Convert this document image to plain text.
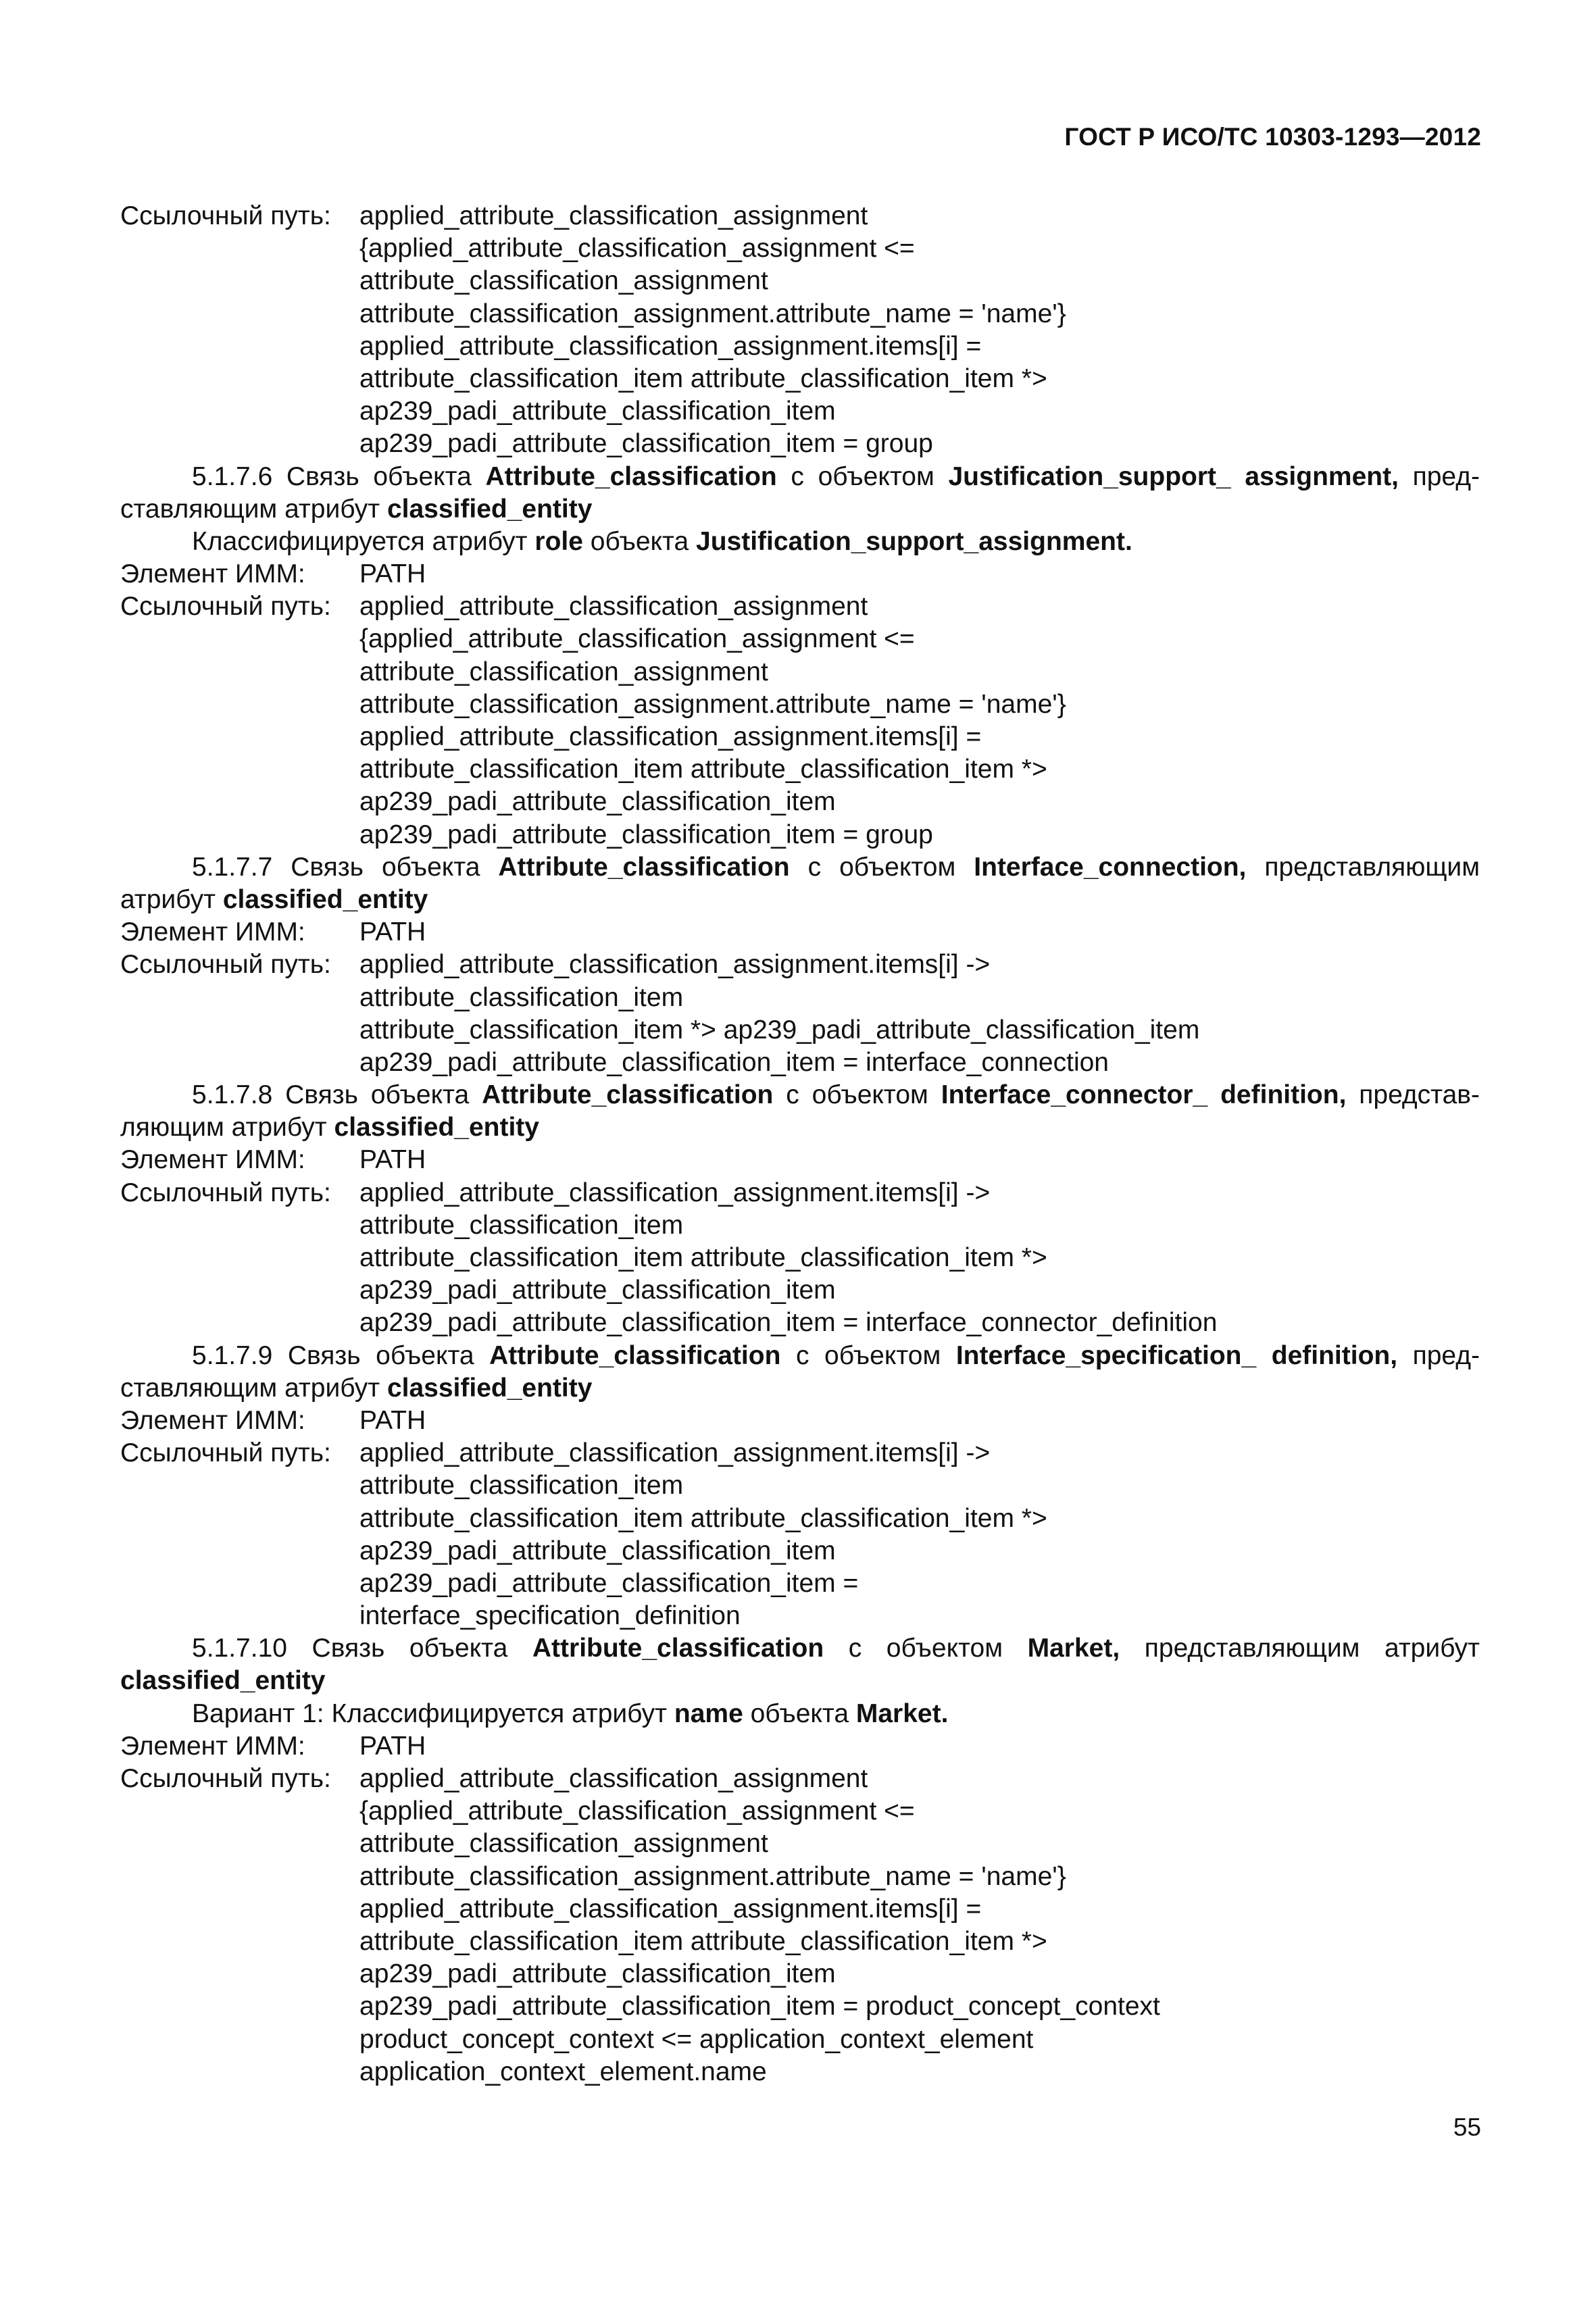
ГОСТ Р ИСО/ТС 10303-1293—2012
Ссылочный путь: applied_attribute_classification_assignment
{applied_attribute_classification_assignment <=
attribute_classification_assignment
attribute_classification_assignment.attribute_name = 'name'}
applied_attribute_classification_assignment.items[i] =
attribute_classification_item attribute_classification_item *>
ap239_padi_attribute_classification_item
ap239_padi_attribute_classification_item = group
5.1.7.6 Связь объекта Attribute_classification с объектом Justification_support_ assignment, пред-
ставляющим атрибут classified_entity
Классифицируется атрибут role объекта Justification_support_assignment.
Элемент ИММ: PATH
Ссылочный путь: applied_attribute_classification_assignment
{applied_attribute_classification_assignment <=
attribute_classification_assignment
attribute_classification_assignment.attribute_name = 'name'}
applied_attribute_classification_assignment.items[i] =
attribute_classification_item attribute_classification_item *>
ap239_padi_attribute_classification_item
ap239_padi_attribute_classification_item = group
5.1.7.7 Связь объекта Attribute_classification с объектом Interface_connection, представляющим
атрибут classified_entity
Элемент ИММ: PATH
Ссылочный путь: applied_attribute_classification_assignment.items[i] ->
attribute_classification_item
attribute_classification_item *> ap239_padi_attribute_classification_item
ap239_padi_attribute_classification_item = interface_connection
5.1.7.8 Связь объекта Attribute_classification с объектом Interface_connector_ definition, представ-
ляющим атрибут classified_entity
Элемент ИММ: PATH
Ссылочный путь: applied_attribute_classification_assignment.items[i] ->
attribute_classification_item
attribute_classification_item attribute_classification_item *>
ap239_padi_attribute_classification_item
ap239_padi_attribute_classification_item = interface_connector_definition
5.1.7.9 Связь объекта Attribute_classification с объектом Interface_specification_ definition, пред-
ставляющим атрибут classified_entity
Элемент ИММ: PATH
Ссылочный путь: applied_attribute_classification_assignment.items[i] ->
attribute_classification_item
attribute_classification_item attribute_classification_item *>
ap239_padi_attribute_classification_item
ap239_padi_attribute_classification_item =
interface_specification_definition
5.1.7.10 Связь объекта Attribute_classification с объектом Market, представляющим атрибут
classified_entity
Вариант 1: Классифицируется атрибут name объекта Market.
Элемент ИММ: PATH
Ссылочный путь: applied_attribute_classification_assignment
{applied_attribute_classification_assignment <=
attribute_classification_assignment
attribute_classification_assignment.attribute_name = 'name'}
applied_attribute_classification_assignment.items[i] =
attribute_classification_item attribute_classification_item *>
ap239_padi_attribute_classification_item
ap239_padi_attribute_classification_item = product_concept_context
product_concept_context <= application_context_element
application_context_element.name
55
